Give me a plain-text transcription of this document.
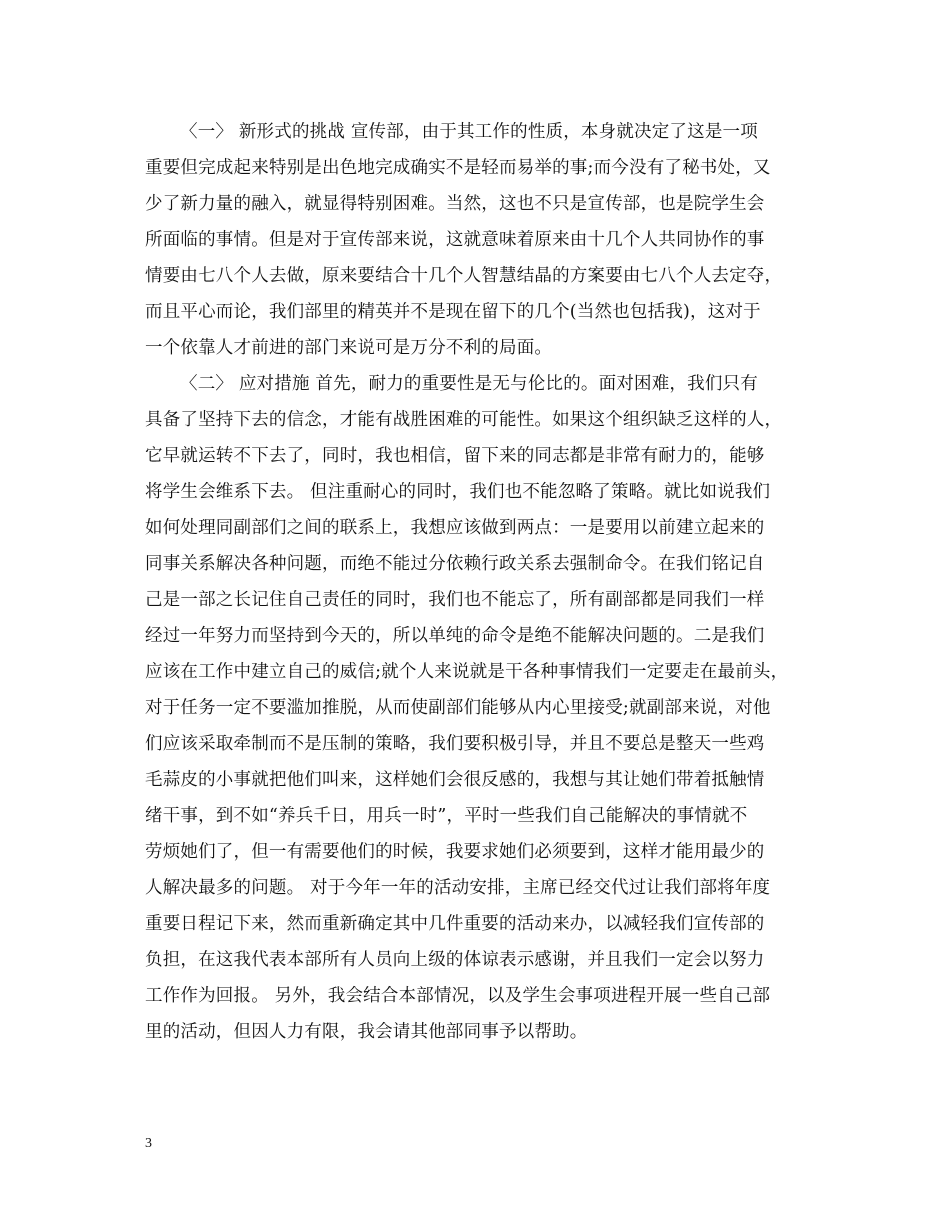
〈一〉 新形式的挑战 宣传部，由于其工作的性质，本身就决定了这是一项
重要但完成起来特别是出色地完成确实不是轻而易举的事;而今没有了秘书处，又
少了新力量的融入，就显得特别困难。当然，这也不只是宣传部，也是院学生会
所面临的事情。但是对于宣传部来说，这就意味着原来由十几个人共同协作的事
情要由七八个人去做，原来要结合十几个人智慧结晶的方案要由七八个人去定夺，
而且平心而论，我们部里的精英并不是现在留下的几个(当然也包括我)，这对于
一个依靠人才前进的部门来说可是万分不利的局面。
〈二〉 应对措施 首先，耐力的重要性是无与伦比的。面对困难，我们只有
具备了坚持下去的信念，才能有战胜困难的可能性。如果这个组织缺乏这样的人，
它早就运转不下去了，同时，我也相信，留下来的同志都是非常有耐力的，能够
将学生会维系下去。 但注重耐心的同时，我们也不能忽略了策略。就比如说我们
如何处理同副部们之间的联系上，我想应该做到两点：一是要用以前建立起来的
同事关系解决各种问题，而绝不能过分依赖行政关系去强制命令。在我们铭记自
己是一部之长记住自己责任的同时，我们也不能忘了，所有副部都是同我们一样
经过一年努力而坚持到今天的，所以单纯的命令是绝不能解决问题的。二是我们
应该在工作中建立自己的威信;就个人来说就是干各种事情我们一定要走在最前头，
对于任务一定不要滥加推脱，从而使副部们能够从内心里接受;就副部来说，对他
们应该采取牵制而不是压制的策略，我们要积极引导，并且不要总是整天一些鸡
毛蒜皮的小事就把他们叫来，这样她们会很反感的，我想与其让她们带着抵触情
绪干事，到不如“养兵千日，用兵一时”，平时一些我们自己能解决的事情就不
劳烦她们了，但一有需要他们的时候，我要求她们必须要到，这样才能用最少的
人解决最多的问题。 对于今年一年的活动安排，主席已经交代过让我们部将年度
重要日程记下来，然而重新确定其中几件重要的活动来办，以减轻我们宣传部的
负担，在这我代表本部所有人员向上级的体谅表示感谢，并且我们一定会以努力
工作作为回报。 另外，我会结合本部情况，以及学生会事项进程开展一些自己部
里的活动，但因人力有限，我会请其他部同事予以帮助。
3
